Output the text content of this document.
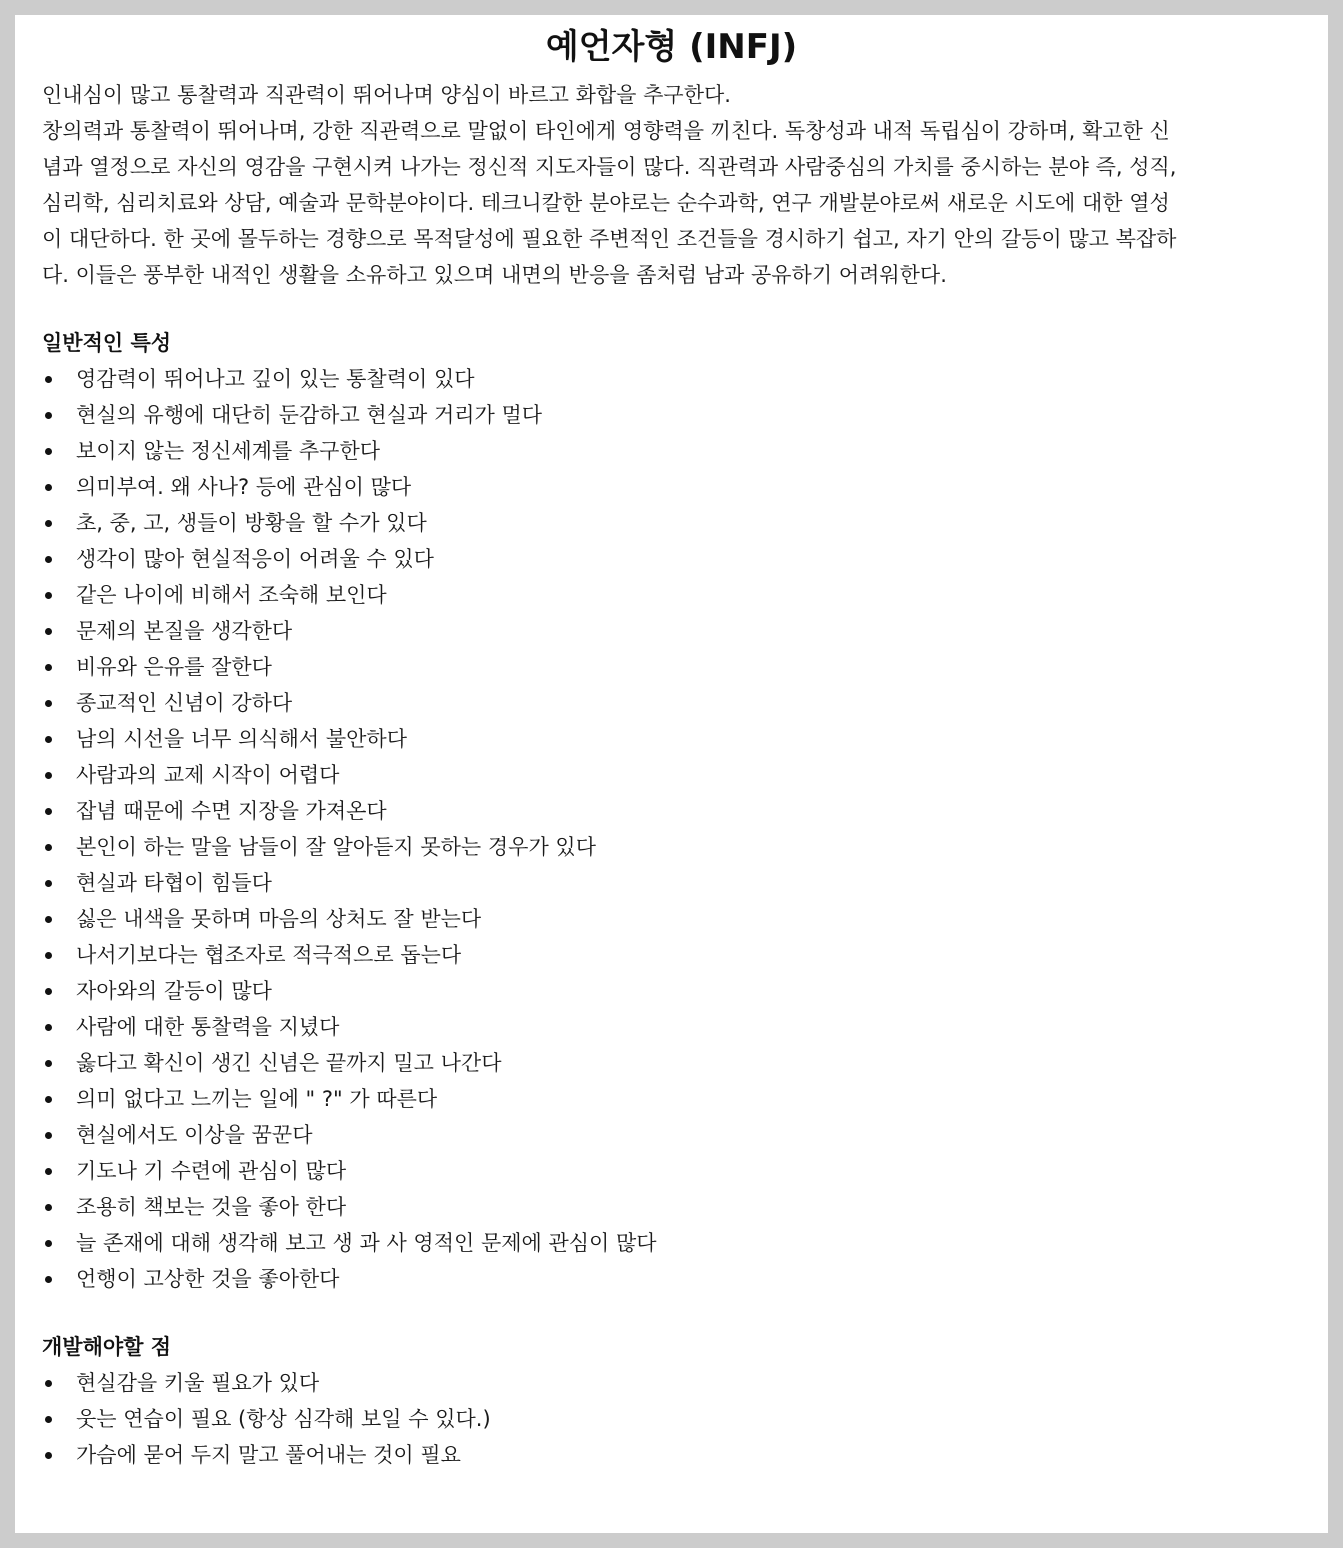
예언자형 (INFJ)

인내심이 많고 통찰력과 직관력이 뛰어나며 양심이 바르고 화합을 추구한다.

창의력과 통찰력이 뛰어나며, 강한 직관력으로 말없이 타인에게 영향력을 끼친다. 독창성과 내적 독립심이 강하며, 확고한 신념과 열정으로 자신의 영감을 구현시켜 나가는 정신적 지도자들이 많다. 직관력과 사람중심의 가치를 중시하는 분야 즉, 성직, 심리학, 심리치료와 상담, 예술과 문학분야이다. 테크니칼한 분야로는 순수과학, 연구 개발분야로써 새로운 시도에 대한 열성이 대단하다. 한 곳에 몰두하는 경향으로 목적달성에 필요한 주변적인 조건들을 경시하기 쉽고, 자기 안의 갈등이 많고 복잡하다. 이들은 풍부한 내적인 생활을 소유하고 있으며 내면의 반응을 좀처럼 남과 공유하기 어려워한다.

일반적인 특성
영감력이 뛰어나고 깊이 있는 통찰력이 있다
현실의 유행에 대단히 둔감하고 현실과 거리가 멀다
보이지 않는 정신세계를 추구한다
의미부여. 왜 사나? 등에 관심이 많다
초, 중, 고, 생들이 방황을 할 수가 있다
생각이 많아 현실적응이 어려울 수 있다
같은 나이에 비해서 조숙해 보인다
문제의 본질을 생각한다
비유와 은유를 잘한다
종교적인 신념이 강하다
남의 시선을 너무 의식해서 불안하다
사람과의 교제 시작이 어렵다
잡념 때문에 수면 지장을 가져온다
본인이 하는 말을 남들이 잘 알아듣지 못하는 경우가 있다
현실과 타협이 힘들다
싫은 내색을 못하며 마음의 상처도 잘 받는다
나서기보다는 협조자로 적극적으로 돕는다
자아와의 갈등이 많다
사람에 대한 통찰력을 지녔다
옳다고 확신이 생긴 신념은 끝까지 밀고 나간다
의미 없다고 느끼는 일에 " ?" 가 따른다
현실에서도 이상을 꿈꾼다
기도나 기 수련에 관심이 많다
조용히 책보는 것을 좋아 한다
늘 존재에 대해 생각해 보고 생 과 사 영적인 문제에 관심이 많다
언행이 고상한 것을 좋아한다
개발해야할 점
현실감을 키울 필요가 있다
웃는 연습이 필요 (항상 심각해 보일 수 있다.)
가슴에 묻어 두지 말고 풀어내는 것이 필요
